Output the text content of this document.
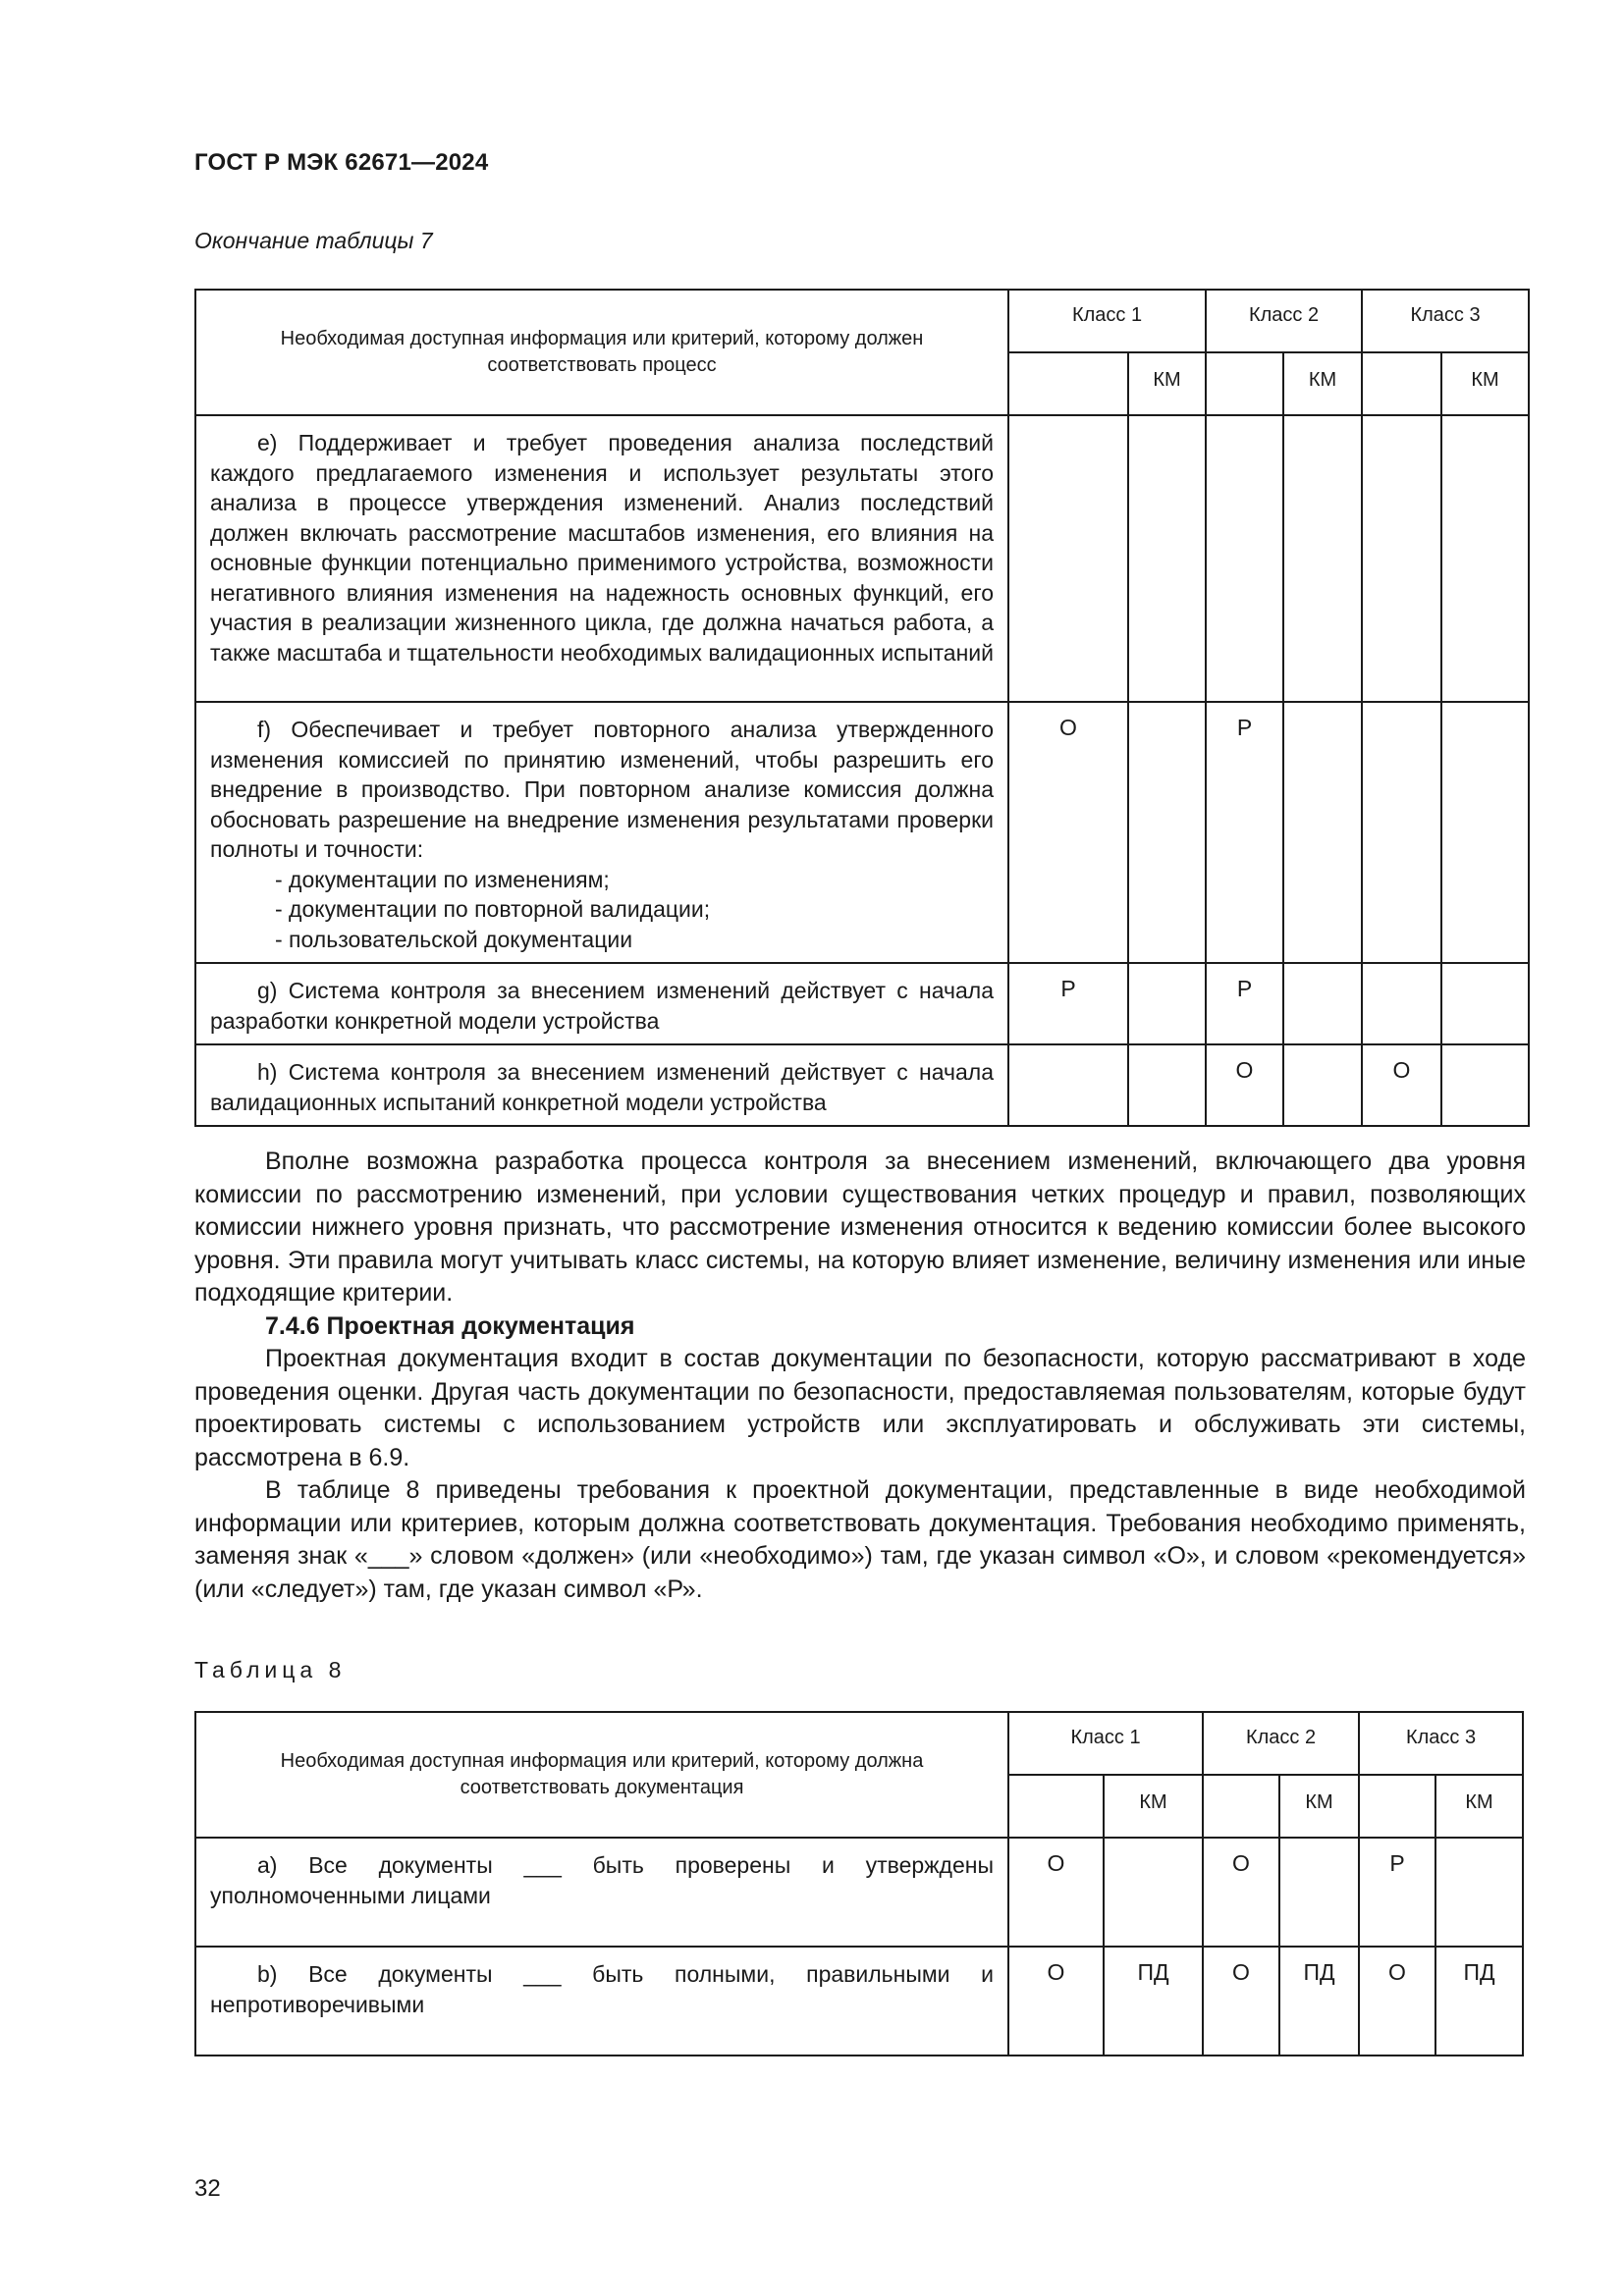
ГОСТ Р МЭК 62671—2024
Окончание таблицы 7
Необходимая доступная информация или критерий, которому должен соответствовать процесс	Класс 1		Класс 2		Класс 3	
		КМ		КМ		КМ
e) Поддерживает и требует проведения анализа последствий каждого предлагаемого изменения и использует результаты этого анализа в процессе утверждения изменений. Анализ последствий должен включать рассмотрение масштабов изменения, его влияния на основные функции потенциально применимого устройства, возможности негативного влияния изменения на надежность основных функций, его участия в реализации жизненного цикла, где должна начаться работа, а также масштаба и тщательности необходимых валидационных испытаний						

f) Обеспечивает и требует повторного анализа утвержденного изменения комиссией по принятию изменений, чтобы разрешить его внедрение в производство. При повторном анализе комиссия должна обосновать разрешение на внедрение изменения результатами проверки полноты и точности:
- документации по изменениям;
- документации по повторной валидации;
- пользовательской документации	О		Р			
g) Система контроля за внесением изменений действует с начала разработки конкретной модели устройства	Р		Р			
h) Система контроля за внесением изменений действует с начала валидационных испытаний конкретной модели устройства			О		О	

Вполне возможна разработка процесса контроля за внесением изменений, включающего два уровня комиссии по рассмотрению изменений, при условии существования четких процедур и правил, позволяющих комиссии нижнего уровня признать, что рассмотрение изменения относится к ведению комиссии более высокого уровня. Эти правила могут учитывать класс системы, на которую влияет изменение, величину изменения или иные подходящие критерии.

7.4.6 Проектная документация

Проектная документация входит в состав документации по безопасности, которую рассматривают в ходе проведения оценки. Другая часть документации по безопасности, предоставляемая пользователям, которые будут проектировать системы с использованием устройств или эксплуатировать и обслуживать эти системы, рассмотрена в 6.9.

В таблице 8 приведены требования к проектной документации, представленные в виде необходимой информации или критериев, которым должна соответствовать документация. Требования необходимо применять, заменяя знак «___» словом «должен» (или «необходимо») там, где указан символ «О», и словом «рекомендуется» (или «следует») там, где указан символ «Р».

Таблица 8
Необходимая доступная информация или критерий, которому должна соответствовать документация	Класс 1		Класс 2		Класс 3	
		КМ		КМ		КМ
a) Все документы ___ быть проверены и утверждены уполномоченными лицами	О		О		Р	
b) Все документы ___ быть полными, правильными и непротиворечивыми	О	ПД	О	ПД	О	ПД
32
